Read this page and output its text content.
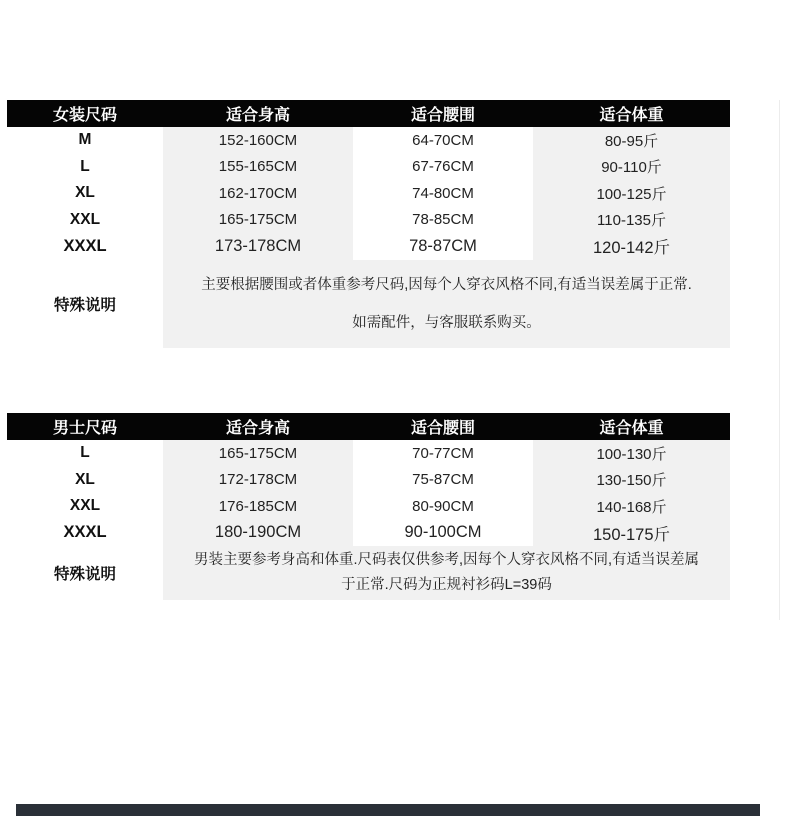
女装尺码	适合身高	适合腰围	适合体重
M	152-160CM	64-70CM	80-95斤
L	155-165CM	67-76CM	90-110斤
XL	162-170CM	74-80CM	100-125斤
XXL	165-175CM	78-85CM	110-135斤
XXXL	173-178CM	78-87CM	120-142斤
特殊说明
主要根据腰围或者体重参考尺码,因每个人穿衣风格不同,有适当误差属于正常.
如需配件，与客服联系购买。
男士尺码	适合身高	适合腰围	适合体重
L	165-175CM	70-77CM	100-130斤
XL	172-178CM	75-87CM	130-150斤
XXL	176-185CM	80-90CM	140-168斤
XXXL	180-190CM	90-100CM	150-175斤
特殊说明
男装主要参考身高和体重.尺码表仅供参考,因每个人穿衣风格不同,有适当误差属
于正常.尺码为正规衬衫码L=39码
